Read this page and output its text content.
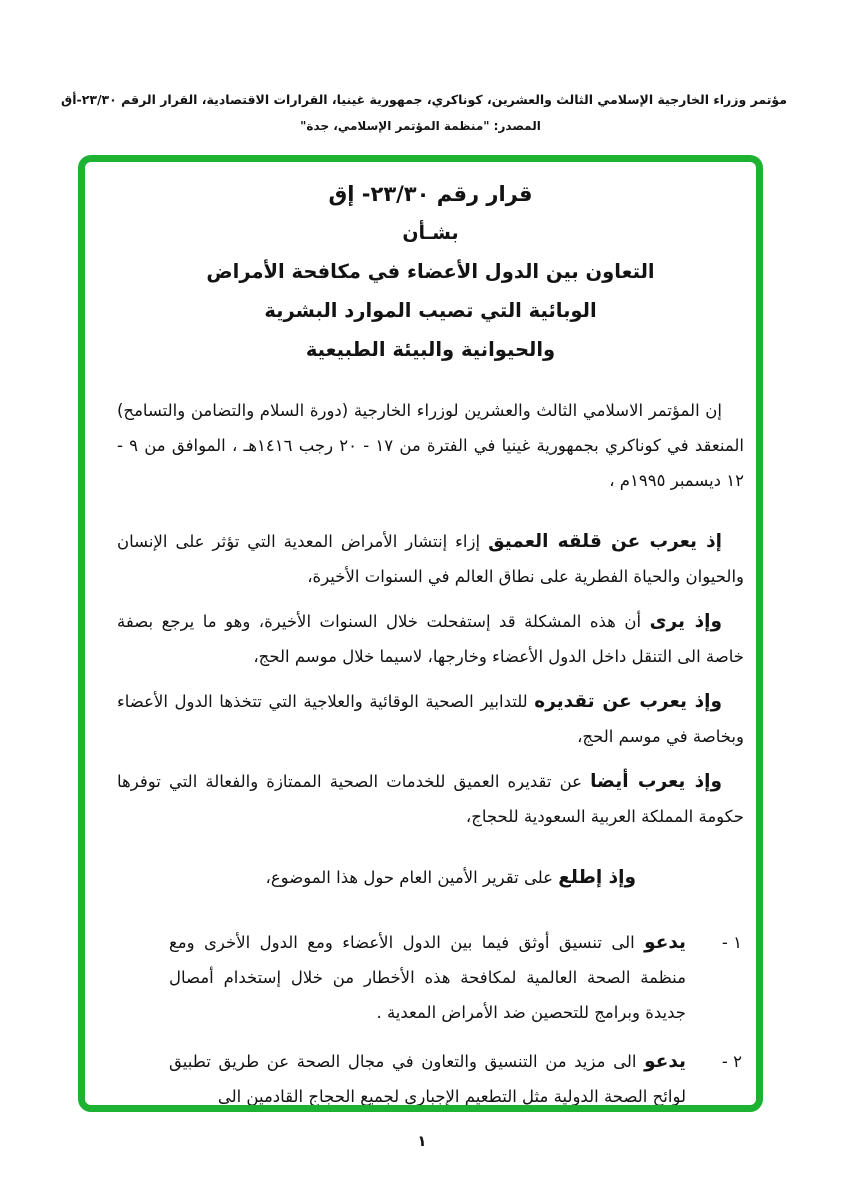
مؤتمر وزراء الخارجية الإسلامي الثالث والعشرين، كوناكري، جمهورية غينيا، القرارات الاقتصادية، القرار الرقم ٢٣/٣٠-أق
المصدر: "منظمة المؤتمر الإسلامي، جدة"
قرار رقم ٢٣/٣٠- إق
بشـأن
التعاون بين الدول الأعضاء في مكافحة الأمراض
الوبائية التي تصيب الموارد البشرية
والحيوانية والبيئة الطبيعية

إن المؤتمر الاسلامي الثالث والعشرين لوزراء الخارجية (دورة السلام والتضامن والتسامح) المنعقد في كوناكري بجمهورية غينيا في الفترة من ١٧ - ٢٠ رجب ١٤١٦هـ ، الموافق من ٩ - ١٢ ديسمبر ١٩٩٥م ،

إذ يعرب عن قلقه العميق إزاء إنتشار الأمراض المعدية التي تؤثر على الإنسان والحيوان والحياة الفطرية على نطاق العالم في السنوات الأخيرة،

وإذ يرى أن هذه المشكلة قد إستفحلت خلال السنوات الأخيرة، وهو ما يرجع بصفة خاصة الى التنقل داخل الدول الأعضاء وخارجها، لاسيما خلال موسم الحج،

وإذ يعرب عن تقديره للتدابير الصحية الوقائية والعلاجية التي تتخذها الدول الأعضاء وبخاصة في موسم الحج،

وإذ يعرب أيضا عن تقديره العميق للخدمات الصحية الممتازة والفعالة التي توفرها حكومة المملكة العربية السعودية للحجاج،

وإذ إطلع على تقرير الأمين العام حول هذا الموضوع،

١ -
يدعو الى تنسيق أوثق فيما بين الدول الأعضاء ومع الدول الأخرى ومع منظمة الصحة العالمية لمكافحة هذه الأخطار من خلال إستخدام أمصال جديدة وبرامج للتحصين ضد الأمراض المعدية .
٢ -
يدعو الى مزيد من التنسيق والتعاون في مجال الصحة عن طريق تطبيق لوائح الصحة الدولية مثل التطعيم الإجباري لجميع الحجاج القادمين الى
١
